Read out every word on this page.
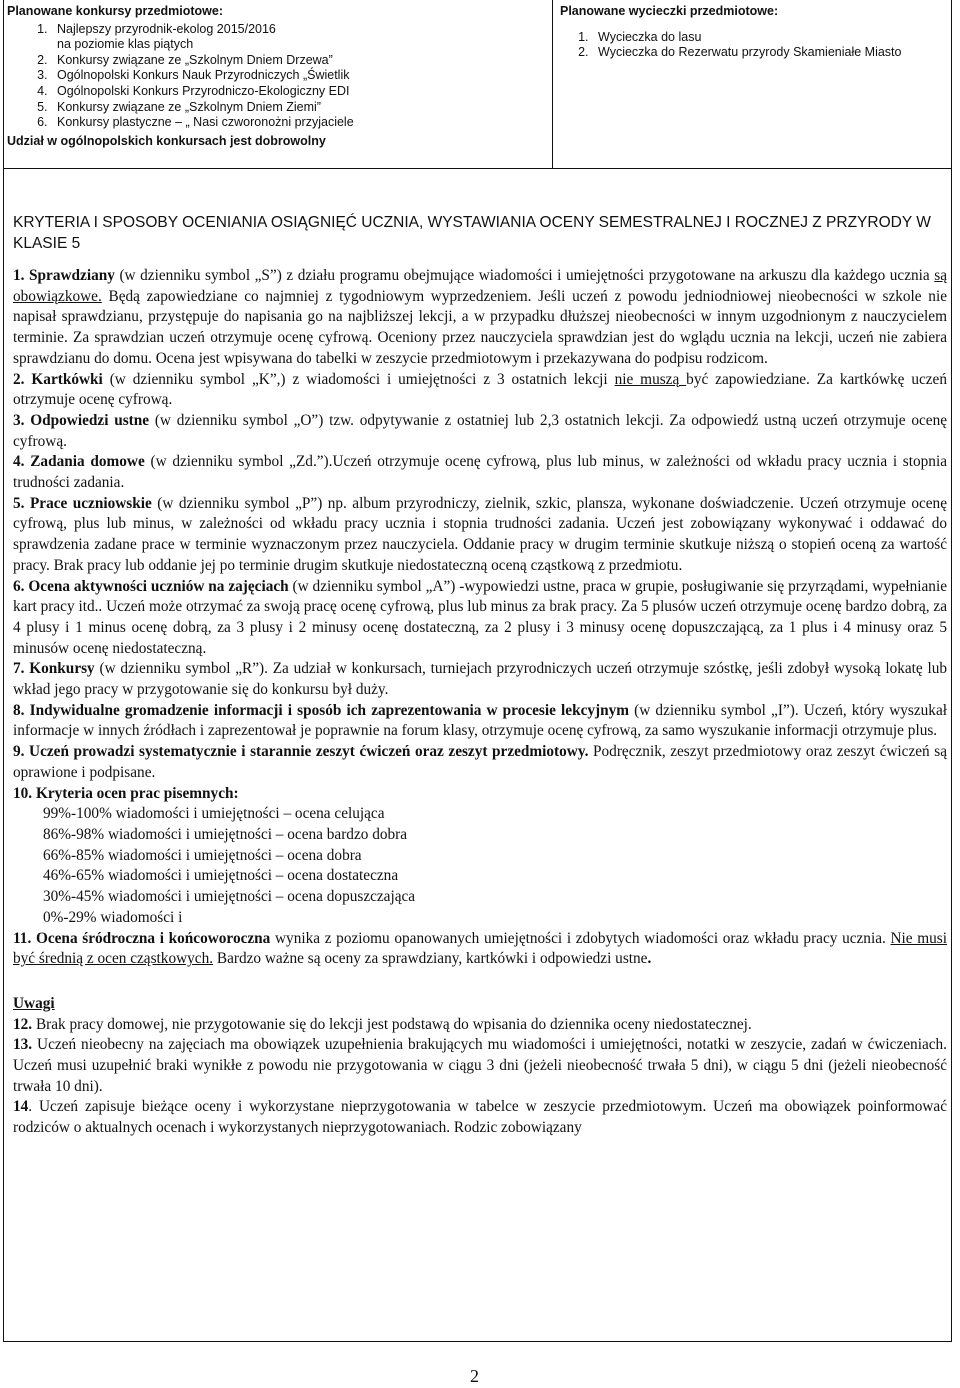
Planowane konkursy przedmiotowe:
1. Najlepszy przyrodnik-ekolog 2015/2016
na poziomie klas piątych
2. Konkursy związane ze „Szkolnym Dniem Drzewa”
3. Ogólnopolski Konkurs Nauk Przyrodniczych „Świetlik
4. Ogólnopolski Konkurs Przyrodniczo-Ekologiczny EDI
5. Konkursy związane ze „Szkolnym Dniem Ziemi”
6. Konkursy plastyczne – „ Nasi czworonożni przyjaciele
Udział w ogólnopolskich konkursach jest dobrowolny
Planowane wycieczki przedmiotowe:
1. Wycieczka do lasu
2. Wycieczka do Rezerwatu przyrody Skamieniałe Miasto
KRYTERIA I SPOSOBY OCENIANIA OSIĄGNIĘĆ UCZNIA, WYSTAWIANIA OCENY SEMESTRALNEJ I ROCZNEJ Z PRZYRODY W KLASIE 5

1. Sprawdziany (w dzienniku symbol „S”) z działu programu obejmujące wiadomości i umiejętności przygotowane na arkuszu dla każdego ucznia są obowiązkowe. Będą zapowiedziane co najmniej z tygodniowym wyprzedzeniem. Jeśli uczeń z powodu jedniodniowej nieobecności w szkole nie napisał sprawdzianu, przystępuje do napisania go na najbliższej lekcji, a w przypadku dłuższej nieobecności w innym uzgodnionym z nauczycielem terminie. Za sprawdzian uczeń otrzymuje ocenę cyfrową. Oceniony przez nauczyciela sprawdzian jest do wglądu ucznia na lekcji, uczeń nie zabiera sprawdzianu do domu. Ocena jest wpisywana do tabelki w zeszycie przedmiotowym i przekazywana do podpisu rodzicom.

2. Kartkówki (w dzienniku symbol „K”,) z wiadomości i umiejętności z 3 ostatnich lekcji nie muszą być zapowiedziane. Za kartkówkę uczeń otrzymuje ocenę cyfrową.

3. Odpowiedzi ustne (w dzienniku symbol „O”) tzw. odpytywanie z ostatniej lub 2,3 ostatnich lekcji. Za odpowiedź ustną uczeń otrzymuje ocenę cyfrową.

4. Zadania domowe (w dzienniku symbol „Zd.”).Uczeń otrzymuje ocenę cyfrową, plus lub minus, w zależności od wkładu pracy ucznia i stopnia trudności zadania.

5. Prace uczniowskie (w dzienniku symbol „P”) np. album przyrodniczy, zielnik, szkic, plansza, wykonane doświadczenie. Uczeń otrzymuje ocenę cyfrową, plus lub minus, w zależności od wkładu pracy ucznia i stopnia trudności zadania. Uczeń jest zobowiązany wykonywać i oddawać do sprawdzenia zadane prace w terminie wyznaczonym przez nauczyciela. Oddanie pracy w drugim terminie skutkuje niższą o stopień oceną za wartość pracy. Brak pracy lub oddanie jej po terminie drugim skutkuje niedostateczną oceną cząstkową z przedmiotu.

6. Ocena aktywności uczniów na zajęciach (w dzienniku symbol „A”) -wypowiedzi ustne, praca w grupie, posługiwanie się przyrządami, wypełnianie kart pracy itd.. Uczeń może otrzymać za swoją pracę ocenę cyfrową, plus lub minus za brak pracy. Za 5 plusów uczeń otrzymuje ocenę bardzo dobrą, za 4 plusy i 1 minus ocenę dobrą, za 3 plusy i 2 minusy ocenę dostateczną, za 2 plusy i 3 minusy ocenę dopuszczającą, za 1 plus i 4 minusy oraz 5 minusów ocenę niedostateczną.

7. Konkursy (w dzienniku symbol „R”). Za udział w konkursach, turniejach przyrodniczych uczeń otrzymuje szóstkę, jeśli zdobył wysoką lokatę lub wkład jego pracy w przygotowanie się do konkursu był duży.

8. Indywidualne gromadzenie informacji i sposób ich zaprezentowania w procesie lekcyjnym (w dzienniku symbol „I”). Uczeń, który wyszukał informacje w innych źródłach i zaprezentował je poprawnie na forum klasy, otrzymuje ocenę cyfrową, za samo wyszukanie informacji otrzymuje plus.

9. Uczeń prowadzi systematycznie i starannie zeszyt ćwiczeń oraz zeszyt przedmiotowy. Podręcznik, zeszyt przedmiotowy oraz zeszyt ćwiczeń są oprawione i podpisane.

10. Kryteria ocen prac pisemnych:

99%-100% wiadomości i umiejętności – ocena celująca

86%-98% wiadomości i umiejętności – ocena bardzo dobra

66%-85% wiadomości i umiejętności – ocena dobra

46%-65% wiadomości i umiejętności – ocena dostateczna

30%-45% wiadomości i umiejętności – ocena dopuszczająca

0%-29% wiadomości i

11. Ocena śródroczna i końcoworoczna wynika z poziomu opanowanych umiejętności i zdobytych wiadomości oraz wkładu pracy ucznia. Nie musi być średnią z ocen cząstkowych. Bardzo ważne są oceny za sprawdziany, kartkówki i odpowiedzi ustne.

Uwagi

12. Brak pracy domowej, nie przygotowanie się do lekcji jest podstawą do wpisania do dziennika oceny niedostatecznej.

13. Uczeń nieobecny na zajęciach ma obowiązek uzupełnienia brakujących mu wiadomości i umiejętności, notatki w zeszycie, zadań w ćwiczeniach. Uczeń musi uzupełnić braki wynikłe z powodu nie przygotowania w ciągu 3 dni (jeżeli nieobecność trwała 5 dni), w ciągu 5 dni (jeżeli nieobecność trwała 10 dni).

14. Uczeń zapisuje bieżące oceny i wykorzystane nieprzygotowania w tabelce w zeszycie przedmiotowym. Uczeń ma obowiązek poinformować rodziców o aktualnych ocenach i wykorzystanych nieprzygotowaniach. Rodzic zobowiązany

2
